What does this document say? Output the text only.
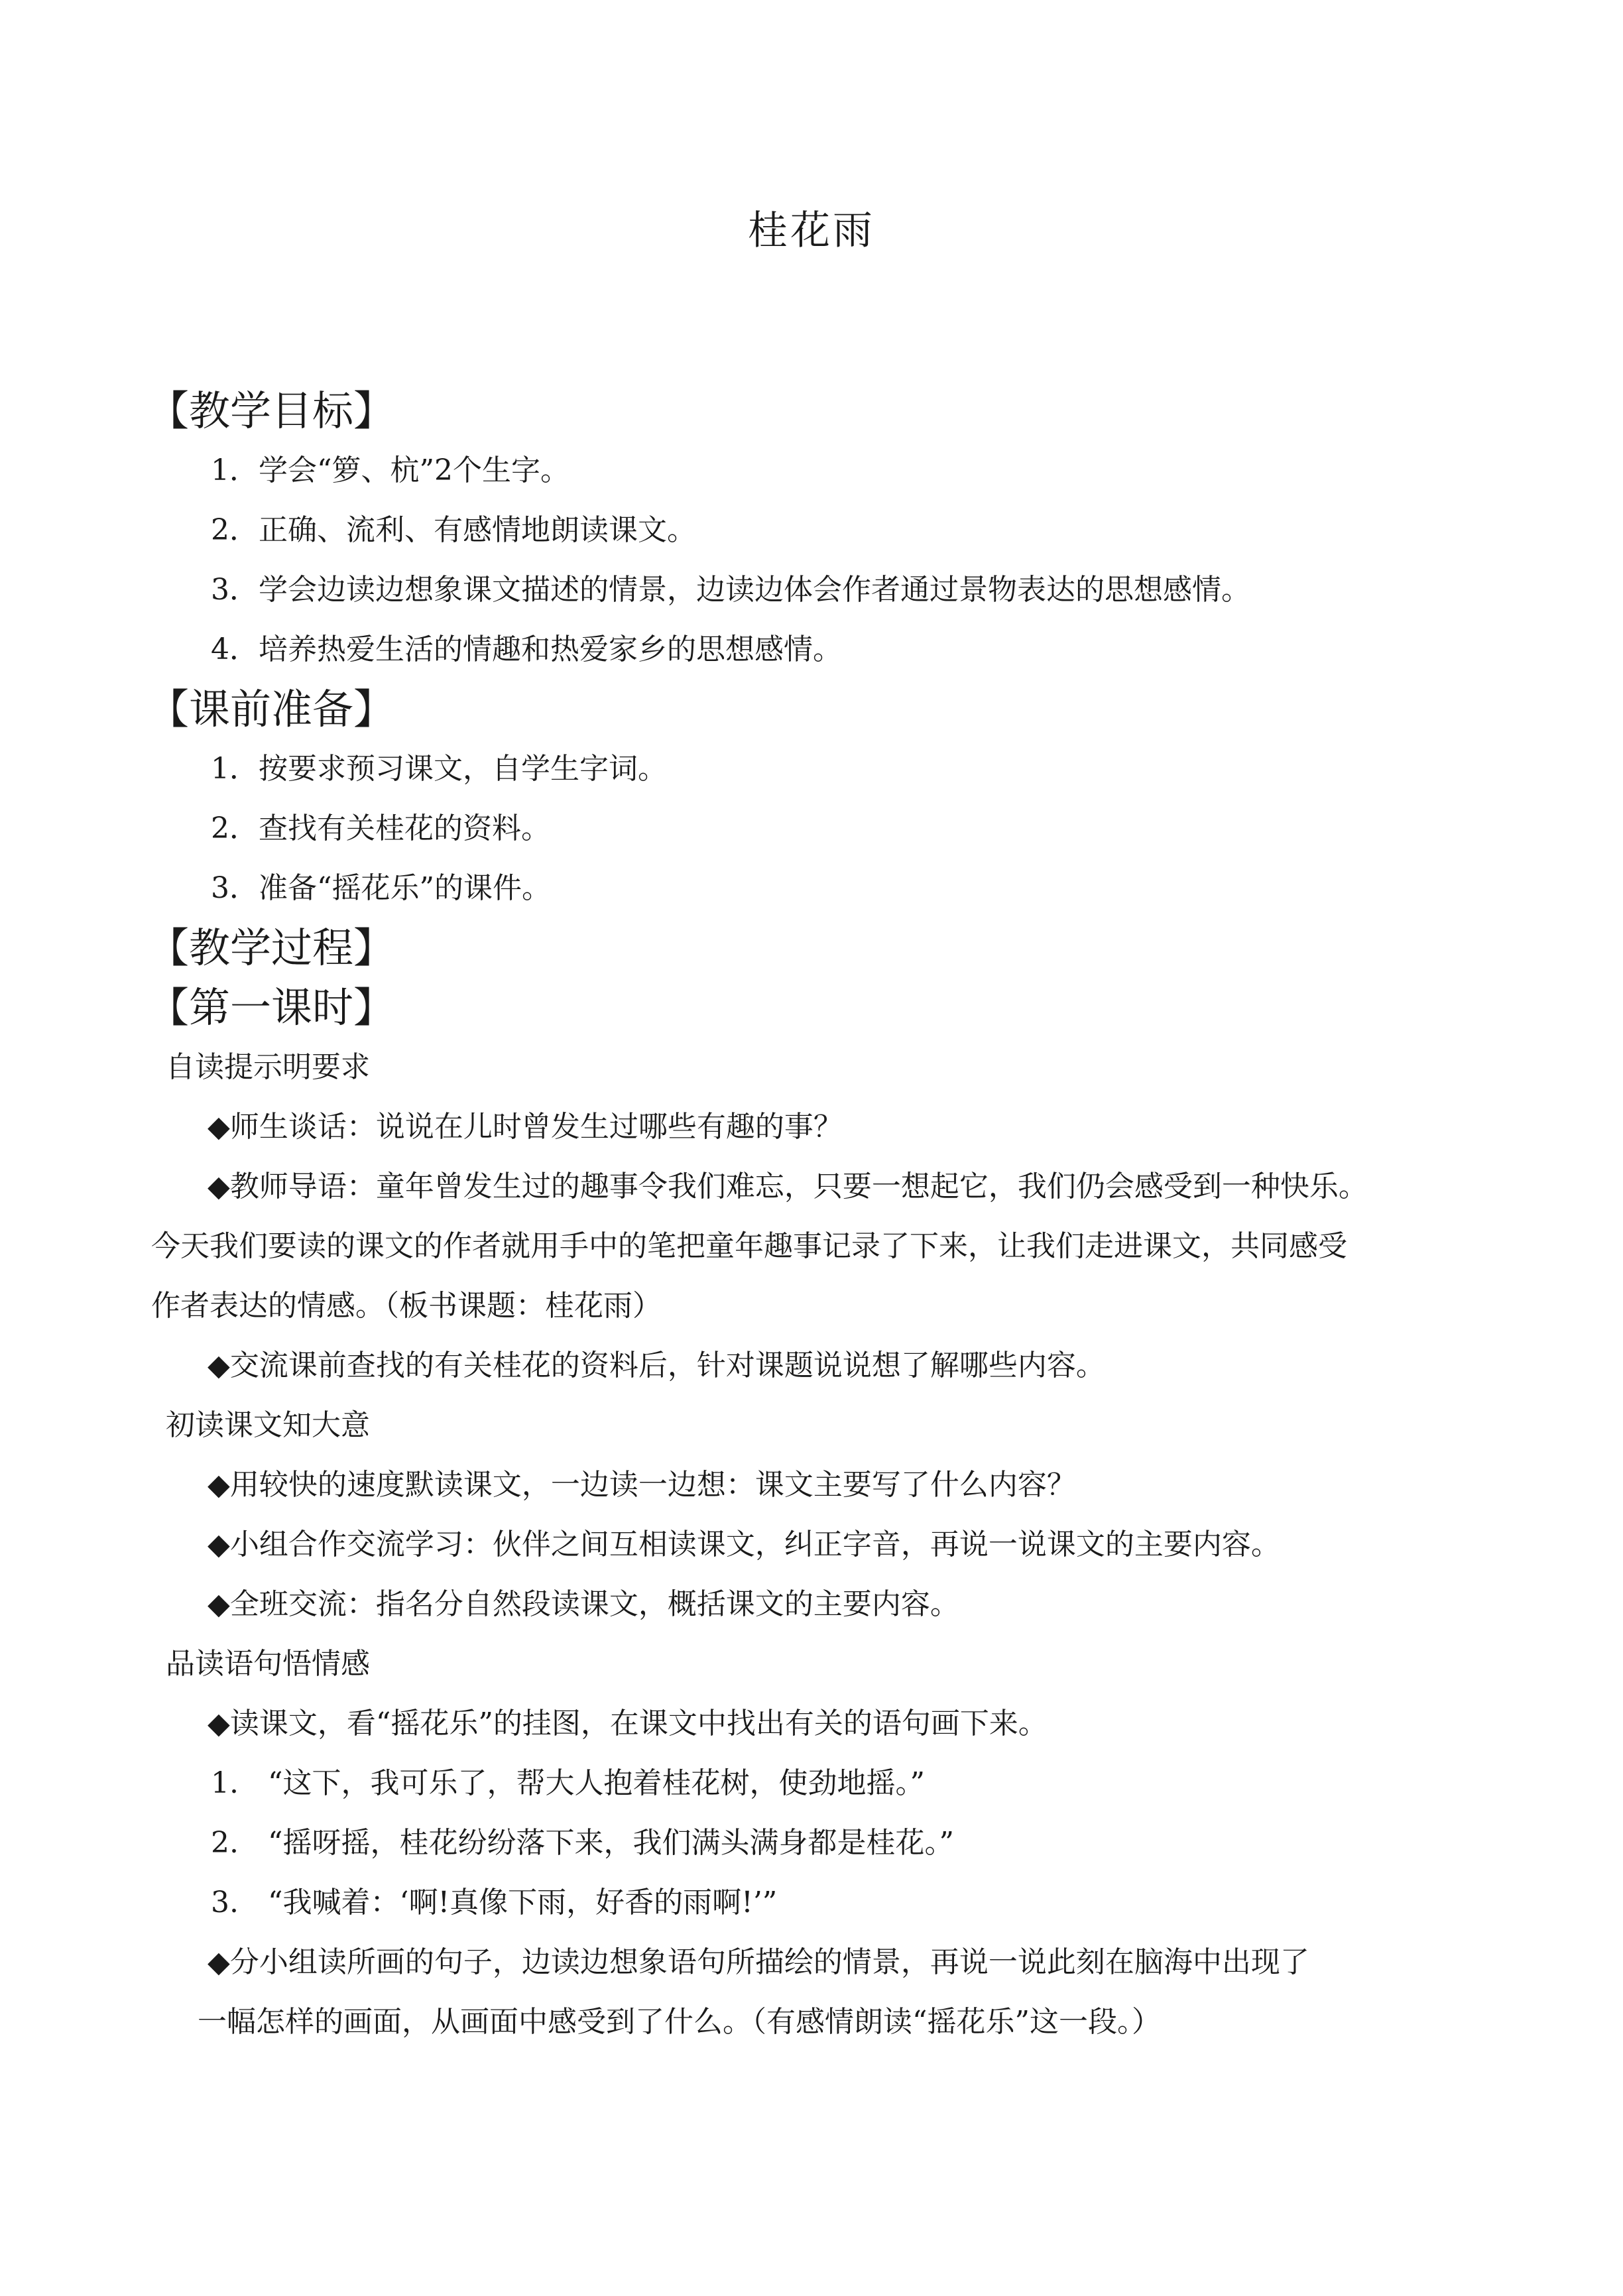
桂花雨
【教学目标】
1．学会“箩、杭”2个生字。
2．正确、流利、有感情地朗读课文。
3．学会边读边想象课文描述的情景，边读边体会作者通过景物表达的思想感情。
4．培养热爱生活的情趣和热爱家乡的思想感情。
【课前准备】
1．按要求预习课文，自学生字词。
2．查找有关桂花的资料。
3．准备“摇花乐”的课件。
【教学过程】
【第一课时】
自读提示明要求
◆师生谈话：说说在儿时曾发生过哪些有趣的事？
◆教师导语：童年曾发生过的趣事令我们难忘，只要一想起它，我们仍会感受到一种快乐。
今天我们要读的课文的作者就用手中的笔把童年趣事记录了下来，让我们走进课文，共同感受
作者表达的情感。（板书课题：桂花雨）
◆交流课前查找的有关桂花的资料后，针对课题说说想了解哪些内容。
初读课文知大意
◆用较快的速度默读课文，一边读一边想：课文主要写了什么内容？
◆小组合作交流学习：伙伴之间互相读课文，纠正字音，再说一说课文的主要内容。
◆全班交流：指名分自然段读课文，概括课文的主要内容。
品读语句悟情感
◆读课文，看“摇花乐”的挂图，在课文中找出有关的语句画下来。
1.　“这下，我可乐了，帮大人抱着桂花树，使劲地摇。”
2.　“摇呀摇，桂花纷纷落下来，我们满头满身都是桂花。”
3.　“我喊着：‘啊!真像下雨，好香的雨啊!’”
◆分小组读所画的句子，边读边想象语句所描绘的情景，再说一说此刻在脑海中出现了
一幅怎样的画面，从画面中感受到了什么。（有感情朗读“摇花乐”这一段。）
